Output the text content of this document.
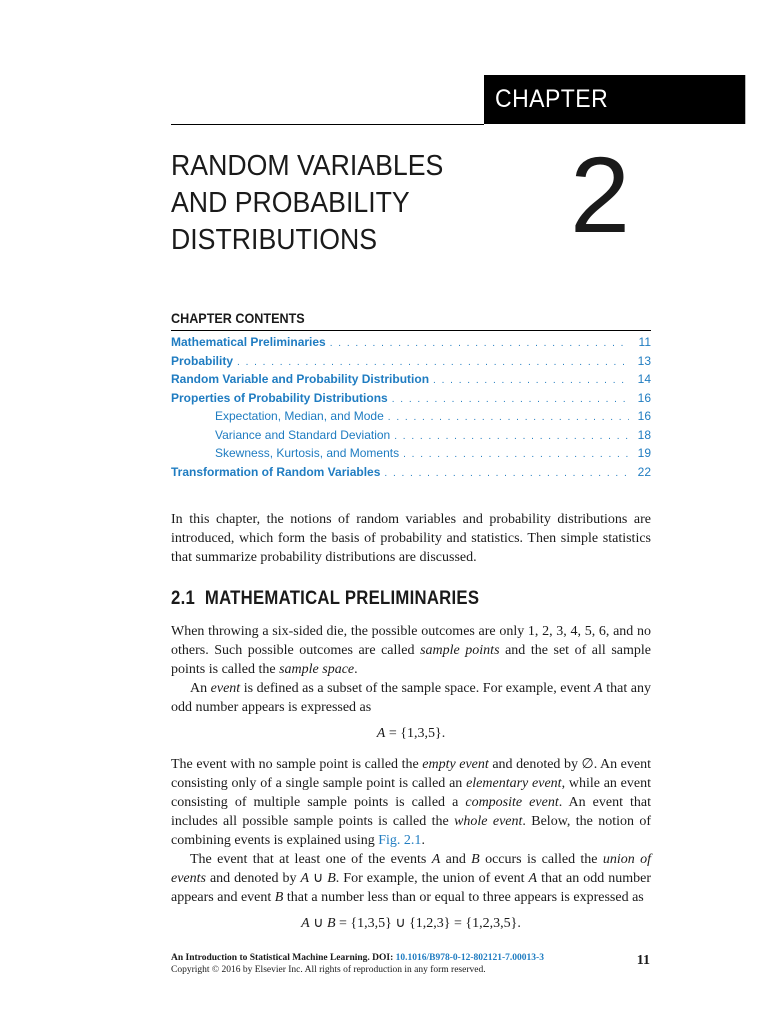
CHAPTER
RANDOM VARIABLES
AND PROBABILITY
DISTRIBUTIONS	2
CHAPTER CONTENTS
Mathematical Preliminaries . . .	11
Probability . . .	13
Random Variable and Probability Distribution . . .	14
Properties of Probability Distributions . . .	16
Expectation, Median, and Mode . . .	16
Variance and Standard Deviation . . .	18
Skewness, Kurtosis, and Moments . . .	19
Transformation of Random Variables . . .	22

In this chapter, the notions of random variables and probability distributions are introduced, which form the basis of probability and statistics. Then simple statistics that summarize probability distributions are discussed.

2.1 MATHEMATICAL PRELIMINARIES

When throwing a six-sided die, the possible outcomes are only 1, 2, 3, 4, 5, 6, and no others. Such possible outcomes are called sample points and the set of all sample points is called the sample space.

An event is defined as a subset of the sample space. For example, event A that any odd number appears is expressed as

A = {1,3,5}.

The event with no sample point is called the empty event and denoted by ∅. An event consisting only of a single sample point is called an elementary event, while an event consisting of multiple sample points is called a composite event. An event that includes all possible sample points is called the whole event. Below, the notion of combining events is explained using Fig. 2.1.

The event that at least one of the events A and B occurs is called the union of events and denoted by A ∪ B. For example, the union of event A that an odd number appears and event B that a number less than or equal to three appears is expressed as

A ∪ B = {1,3,5} ∪ {1,2,3} = {1,2,3,5}.
An Introduction to Statistical Machine Learning. DOI: 10.1016/B978-0-12-802121-7.00013-3
Copyright © 2016 by Elsevier Inc. All rights of reproduction in any form reserved.
11
